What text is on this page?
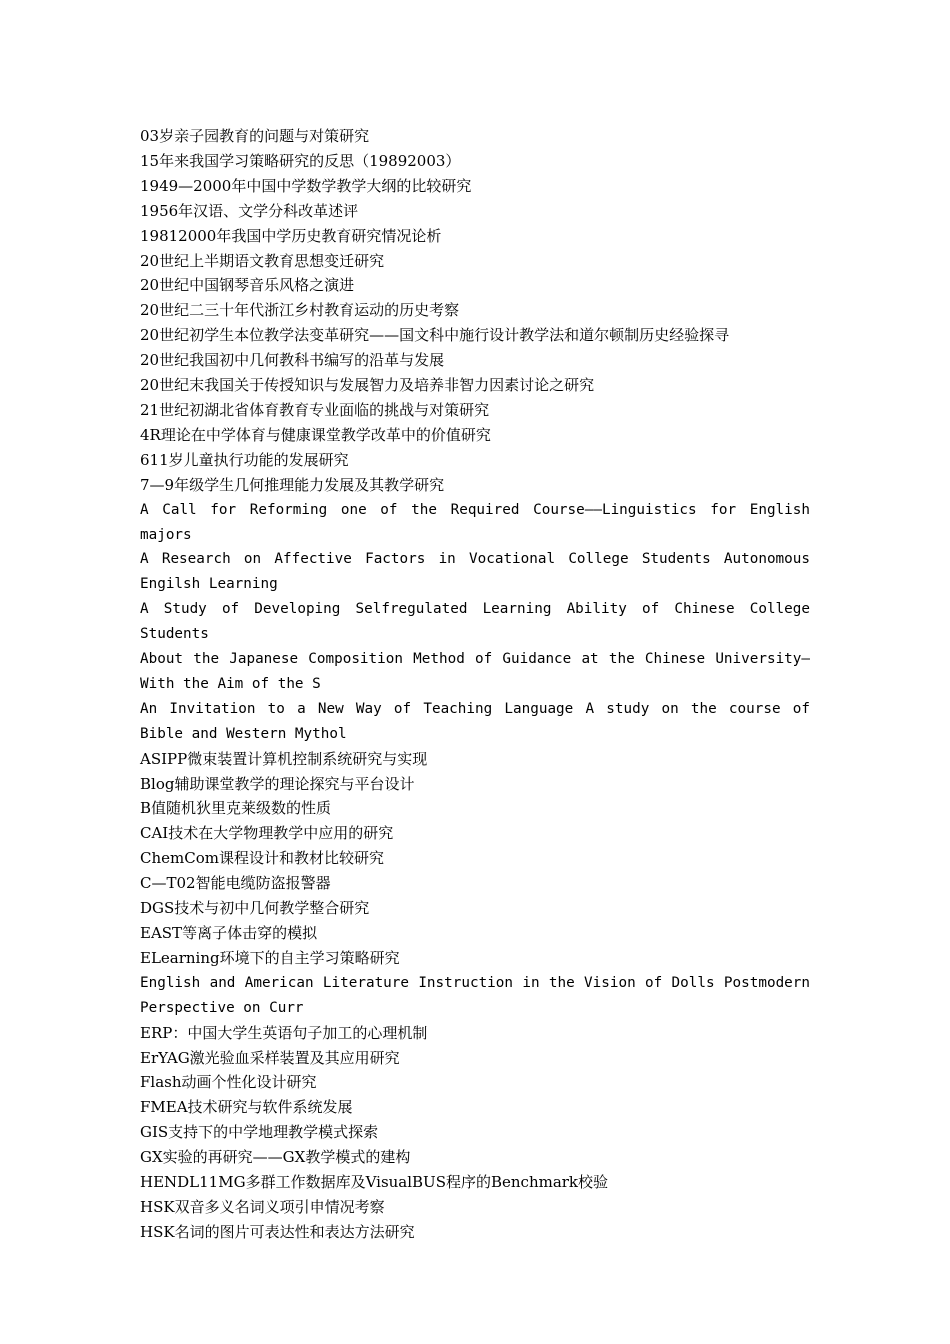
03岁亲子园教育的问题与对策研究

15年来我国学习策略研究的反思（19892003）

1949—2000年中国中学数学教学大纲的比较研究

1956年汉语、文学分科改革述评

19812000年我国中学历史教育研究情况论析

20世纪上半期语文教育思想变迁研究

20世纪中国钢琴音乐风格之演进

20世纪二三十年代浙江乡村教育运动的历史考察

20世纪初学生本位教学法变革研究——国文科中施行设计教学法和道尔顿制历史经验探寻

20世纪我国初中几何教科书编写的沿革与发展

20世纪末我国关于传授知识与发展智力及培养非智力因素讨论之研究

21世纪初湖北省体育教育专业面临的挑战与对策研究

4R理论在中学体育与健康课堂教学改革中的价值研究

611岁儿童执行功能的发展研究

7—9年级学生几何推理能力发展及其教学研究

A Call for Reforming one of the Required Course——Linguistics for English majors

A Research on Affective Factors in Vocational College Students Autonomous Engilsh Learning

A Study of Developing Selfregulated Learning Ability of Chinese College Students

About the Japanese Composition Method of Guidance at the Chinese University—With the Aim of the S

An Invitation to a New Way of Teaching Language A study on the course of Bible and Western Mythol

ASIPP微束装置计算机控制系统研究与实现

Blog辅助课堂教学的理论探究与平台设计

B值随机狄里克莱级数的性质

CAI技术在大学物理教学中应用的研究

ChemCom课程设计和教材比较研究

C—T02智能电缆防盗报警器

DGS技术与初中几何教学整合研究

EAST等离子体击穿的模拟

ELearning环境下的自主学习策略研究

English and American Literature Instruction in the Vision of Dolls Postmodern Perspective on Curr

ERP：中国大学生英语句子加工的心理机制

ErYAG激光验血采样装置及其应用研究

Flash动画个性化设计研究

FMEA技术研究与软件系统发展

GIS支持下的中学地理教学模式探索

GX实验的再研究——GX教学模式的建构

HENDL11MG多群工作数据库及VisualBUS程序的Benchmark校验

HSK双音多义名词义项引申情况考察

HSK名词的图片可表达性和表达方法研究
